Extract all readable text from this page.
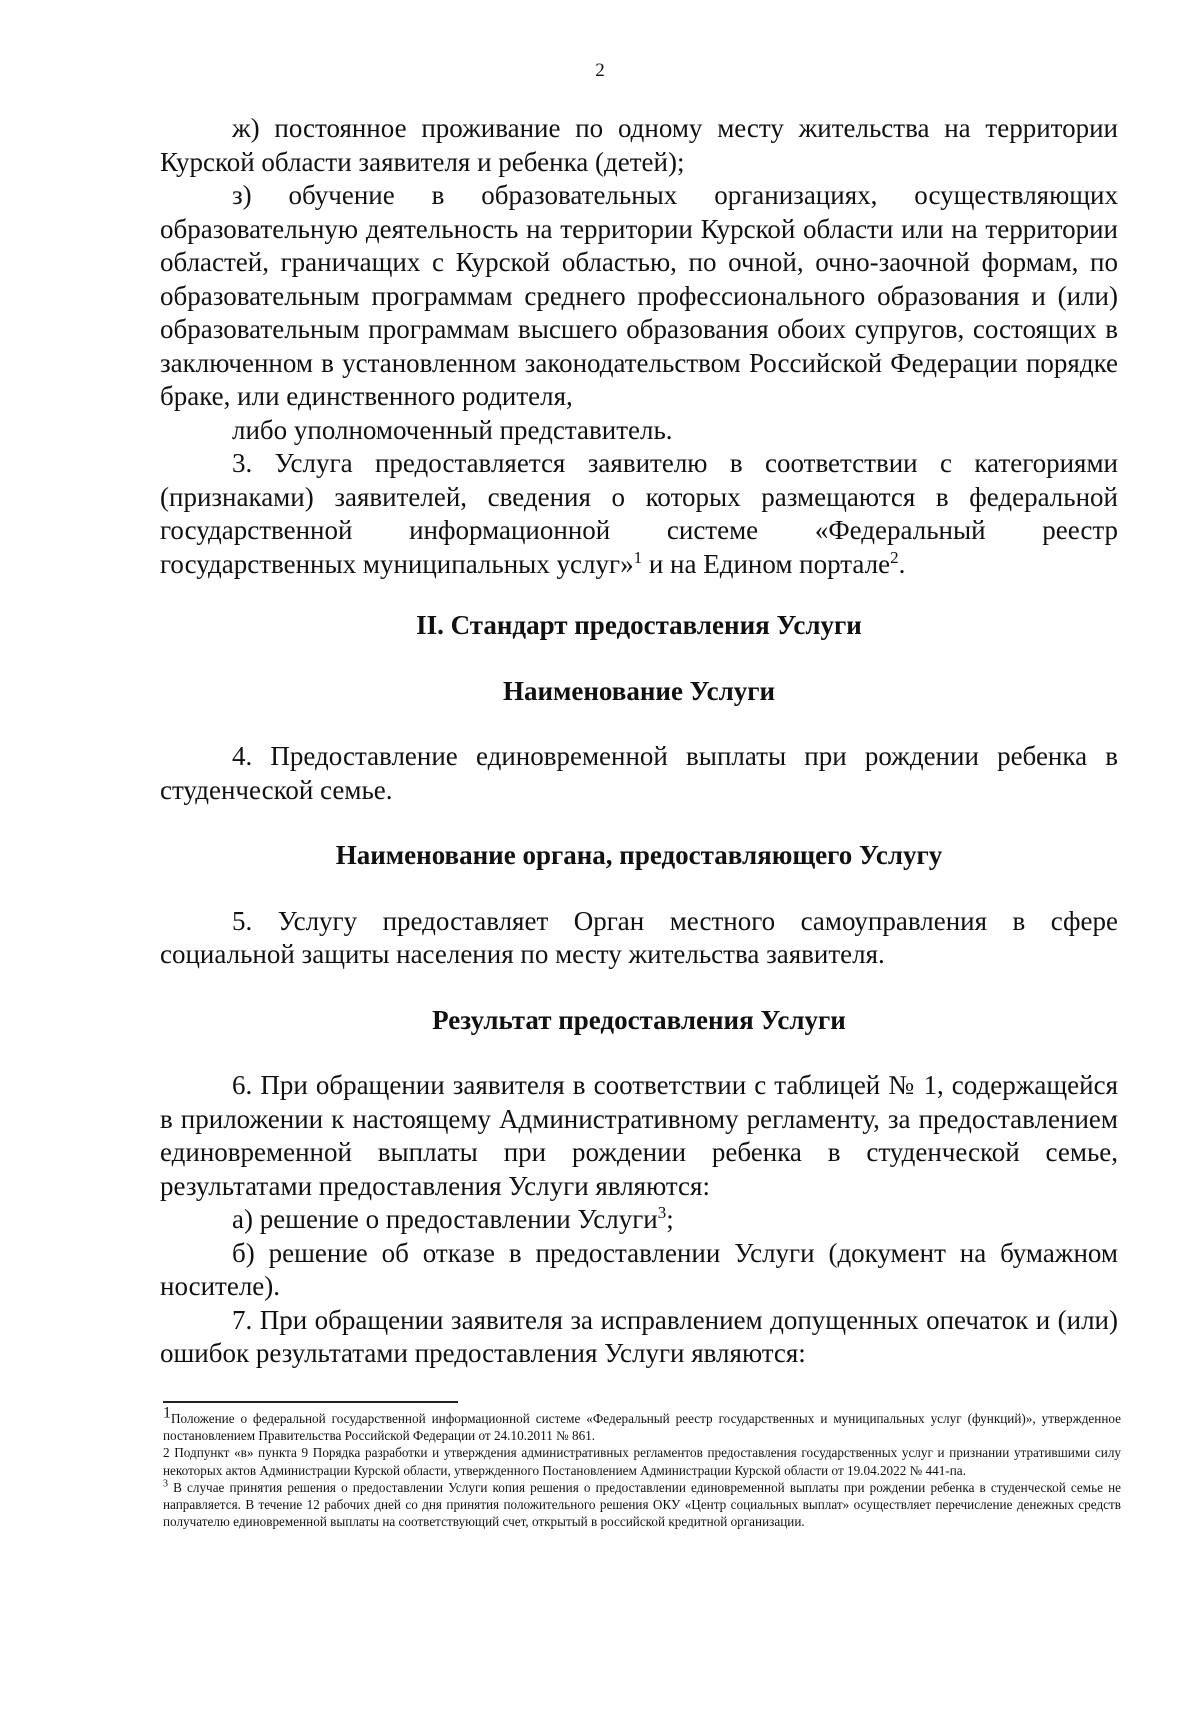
2

ж) постоянное проживание по одному месту жительства на территории Курской области заявителя и ребенка (детей);

з) обучение в образовательных организациях, осуществляющих образовательную деятельность на территории Курской области или на территории областей, граничащих с Курской областью, по очной, очно-заочной формам, по образовательным программам среднего профессионального образования и (или) образовательным программам высшего образования обоих супругов, состоящих в заключенном в установленном законодательством Российской Федерации порядке браке, или единственного родителя,

либо уполномоченный представитель.

3. Услуга предоставляется заявителю в соответствии с категориями (признаками) заявителей, сведения о которых размещаются в федеральной государственной информационной системе «Федеральный реестр государственных муниципальных услуг»$^1$ и на Едином портале$^2$.

II. Стандарт предоставления Услуги

Наименование Услуги

4. Предоставление единовременной выплаты при рождении ребенка в студенческой семье.

Наименование органа, предоставляющего Услугу

5. Услугу предоставляет Орган местного самоуправления в сфере социальной защиты населения по месту жительства заявителя.

Результат предоставления Услуги

6. При обращении заявителя в соответствии с таблицей № 1, содержащейся в приложении к настоящему Административному регламенту, за предоставлением единовременной выплаты при рождении ребенка в студенческой семье, результатами предоставления Услуги являются:

а) решение о предоставлении Услуги$^3$;

б) решение об отказе в предоставлении Услуги (документ на бумажном носителе).

7. При обращении заявителя за исправлением допущенных опечаток и (или) ошибок результатами предоставления Услуги являются:

1Положение о федеральной государственной информационной системе «Федеральный реестр государственных и муниципальных услуг (функций)», утвержденное постановлением Правительства Российской Федерации от 24.10.2011 № 861.

2 Подпункт «в» пункта 9 Порядка разработки и утверждения административных регламентов предоставления государственных услуг и признании утратившими силу некоторых актов Администрации Курской области, утвержденного Постановлением Администрации Курской области от 19.04.2022 № 441-па.

$^3$ В случае принятия решения о предоставлении Услуги копия решения о предоставлении единовременной выплаты при рождении ребенка в студенческой семье не направляется. В течение 12 рабочих дней со дня принятия положительного решения ОКУ «Центр социальных выплат» осуществляет перечисление денежных средств получателю единовременной выплаты на соответствующий счет, открытый в российской кредитной организации.
